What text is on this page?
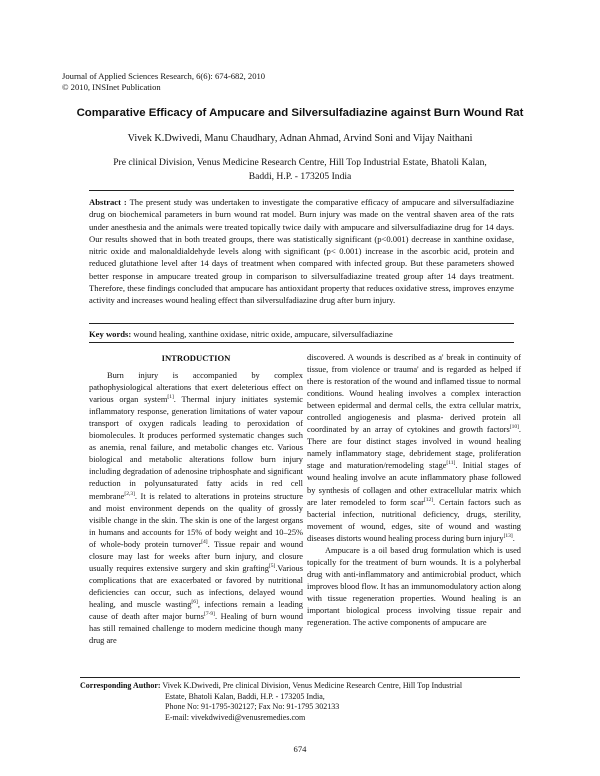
Journal of Applied Sciences Research, 6(6): 674-682, 2010
© 2010, INSInet Publication
Comparative Efficacy of Ampucare and Silversulfadiazine against Burn Wound Rat
Vivek K.Dwivedi, Manu Chaudhary, Adnan Ahmad, Arvind Soni and Vijay Naithani
Pre clinical Division, Venus Medicine Research Centre, Hill Top Industrial Estate, Bhatoli Kalan,
Baddi, H.P. - 173205 India
Abstract : The present study was undertaken to investigate the comparative efficacy of ampucare and silversulfadiazine drug on biochemical parameters in burn wound rat model. Burn injury was made on the ventral shaven area of the rats under anesthesia and the animals were treated topically twice daily with ampucare and silversulfadiazine drug for 14 days. Our results showed that in both treated groups, there was statistically significant (p<0.001) decrease in xanthine oxidase, nitric oxide and malonaldialdehyde levels along with significant (p< 0.001) increase in the ascorbic acid, protein and reduced glutathione level after 14 days of treatment when compared with infected group. But these parameters showed better response in ampucare treated group in comparison to silversulfadiazine treated group after 14 days treatment. Therefore, these findings concluded that ampucare has antioxidant property that reduces oxidative stress, improves enzyme activity and increases wound healing effect than silversulfadiazine drug after burn injury.
Key words: wound healing, xanthine oxidase, nitric oxide, ampucare, silversulfadiazine
INTRODUCTION

Burn injury is accompanied by complex pathophysiological alterations that exert deleterious effect on various organ system[1]. Thermal injury initiates systemic inflammatory response, generation limitations of water vapour transport of oxygen radicals leading to peroxidation of biomolecules. It produces performed systematic changes such as anemia, renal failure, and metabolic changes etc. Various biological and metabolic alterations follow burn injury including degradation of adenosine triphosphate and significant reduction in polyunsaturated fatty acids in red cell membrane[2,3]. It is related to alterations in proteins structure and moist environment depends on the quality of grossly visible change in the skin. The skin is one of the largest organs in humans and accounts for 15% of body weight and 10–25% of whole-body protein turnover[4]. Tissue repair and wound closure may last for weeks after burn injury, and closure usually requires extensive surgery and skin grafting[5].Various complications that are exacerbated or favored by nutritional deficiencies can occur, such as infections, delayed wound healing, and muscle wasting[6], infections remain a leading cause of death after major burns[7-9]. Healing of burn wound has still remained challenge to modern medicine though many drug are

discovered. A wounds is described as a' break in continuity of tissue, from violence or trauma' and is regarded as helped if there is restoration of the wound and inflamed tissue to normal conditions. Wound healing involves a complex interaction between epidermal and dermal cells, the extra cellular matrix, controlled angiogenesis and plasma- derived protein all coordinated by an array of cytokines and growth factors[10]. There are four distinct stages involved in wound healing namely inflammatory stage, debridement stage, proliferation stage and maturation/remodeling stage[11]. Initial stages of wound healing involve an acute inflammatory phase followed by synthesis of collagen and other extracellular matrix which are later remodeled to form scar[12]. Certain factors such as bacterial infection, nutritional deficiency, drugs, sterility, movement of wound, edges, site of wound and wasting diseases distorts wound healing process during burn injury[13].

Ampucare is a oil based drug formulation which is used topically for the treatment of burn wounds. It is a polyherbal drug with anti-inflammatory and antimicrobial product, which improves blood flow. It has an immunomodulatory action along with tissue regeneration properties. Wound healing is an important biological process involving tissue repair and regeneration. The active components of ampucare are

Corresponding Author: Vivek K.Dwivedi, Pre clinical Division, Venus Medicine Research Centre, Hill Top Industrial
Estate, Bhatoli Kalan, Baddi, H.P. - 173205 India,
Phone No: 91-1795-302127; Fax No: 91-1795 302133
E-mail: vivekdwivedi@venusremedies.com
674
